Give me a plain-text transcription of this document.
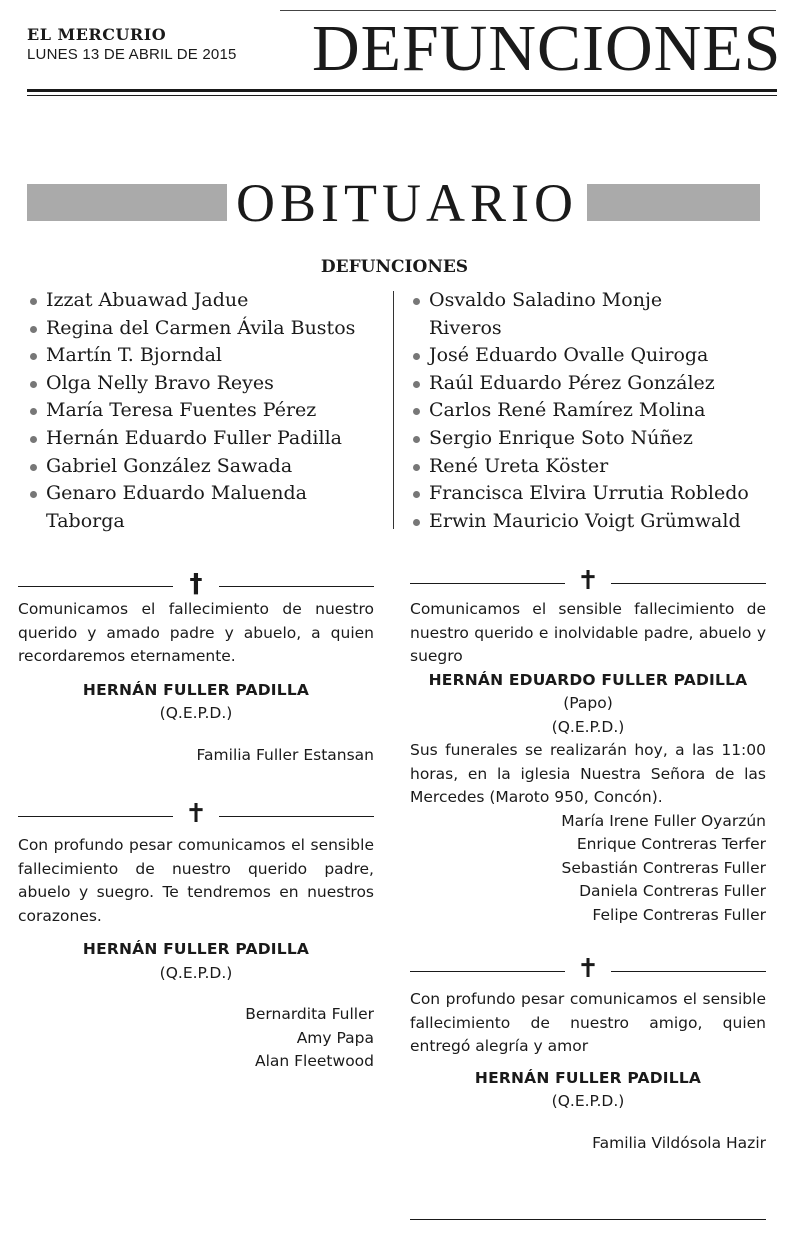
EL MERCURIO
LUNES 13 DE ABRIL DE 2015 DEFUNCIONES
OBITUARIO
DEFUNCIONES
Izzat Abuawad Jadue
Regina del Carmen Ávila Bustos
Martín T. Bjorndal
Olga Nelly Bravo Reyes
María Teresa Fuentes Pérez
Hernán Eduardo Fuller Padilla
Gabriel González Sawada
Genaro Eduardo Maluenda
Taborga
Osvaldo Saladino Monje
Riveros
José Eduardo Ovalle Quiroga
Raúl Eduardo Pérez González
Carlos René Ramírez Molina
Sergio Enrique Soto Núñez
René Ureta Köster
Francisca Elvira Urrutia Robledo
Erwin Mauricio Voigt Grümwald
†
Comunicamos el fallecimiento de nuestro querido y amado padre y abuelo, a quien recordaremos eternamente.
HERNÁN FULLER PADILLA
(Q.E.P.D.)
Familia Fuller Estansan
✝
Con profundo pesar comunicamos el sensible fallecimiento de nuestro querido padre, abuelo y suegro. Te tendremos en nuestros corazones.
HERNÁN FULLER PADILLA
(Q.E.P.D.)
Bernardita Fuller
Amy Papa
Alan Fleetwood
✝
Comunicamos el sensible fallecimiento de nuestro querido e inolvidable padre, abuelo y suegro
HERNÁN EDUARDO FULLER PADILLA
(Papo)
(Q.E.P.D.)
Sus funerales se realizarán hoy, a las 11:00 horas, en la iglesia Nuestra Señora de las Mercedes (Maroto 950, Concón).
María Irene Fuller Oyarzún
Enrique Contreras Terfer
Sebastián Contreras Fuller
Daniela Contreras Fuller
Felipe Contreras Fuller
✝
Con profundo pesar comunicamos el sensible fallecimiento de nuestro amigo, quien entregó alegría y amor
HERNÁN FULLER PADILLA
(Q.E.P.D.)
Familia Vildósola Hazir
